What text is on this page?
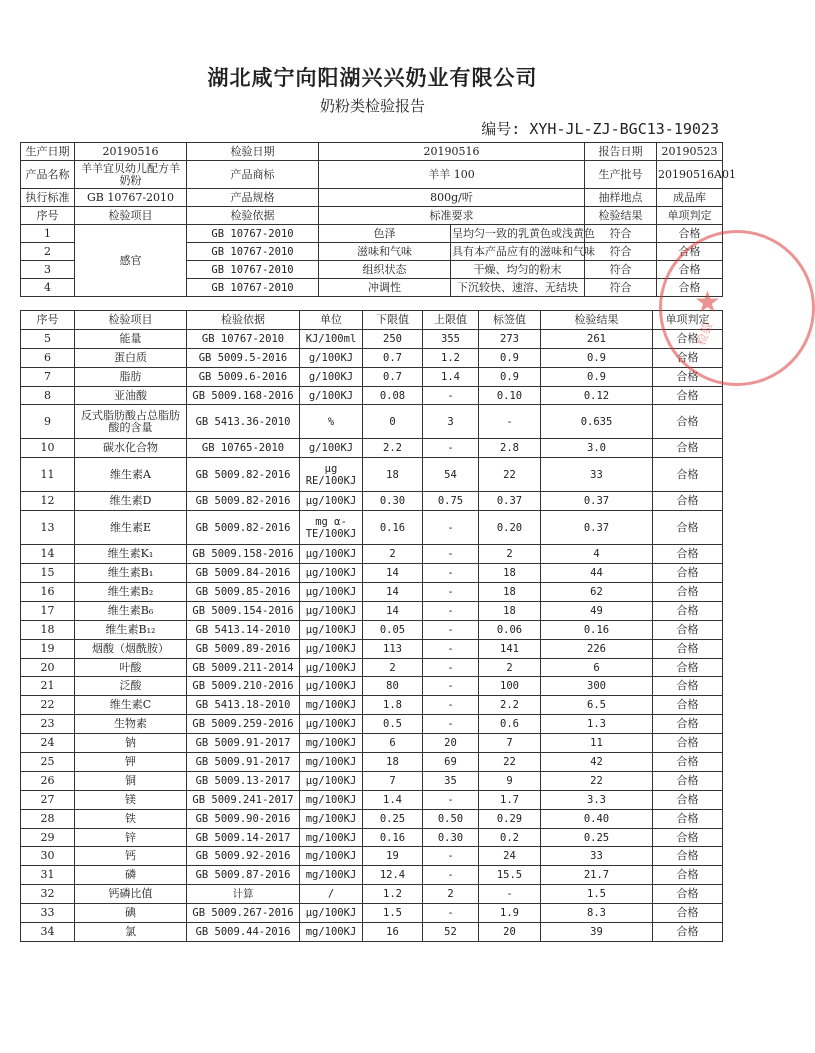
湖北咸宁向阳湖兴兴奶业有限公司
奶粉类检验报告
编号: XYH-JL-ZJ-BGC13-19023
生产日期	20190516	检验日期	20190516		报告日期	20190523
产品名称	羊羊宜贝幼儿配方羊奶粉	产品商标	羊羊 100		生产批号	20190516A01
执行标准	GB 10767-2010	产品规格	800g/听		抽样地点	成品库
序号	检验项目	检验依据	标准要求		检验结果	单项判定
1	感官	GB 10767-2010	色泽	呈均匀一致的乳黄色或浅黄色	符合	合格
2		GB 10767-2010	滋味和气味	具有本产品应有的滋味和气味	符合	合格
3		GB 10767-2010	组织状态	干燥、均匀的粉末	符合	合格
4		GB 10767-2010	冲调性	下沉较快、速溶、无结块	符合	合格
序号	检验项目	检验依据	单位	下限值	上限值	标签值	检验结果	单项判定
5	能量	GB 10767-2010	KJ/100ml	250	355	273	261	合格
6	蛋白质	GB 5009.5-2016	g/100KJ	0.7	1.2	0.9	0.9	合格
7	脂肪	GB 5009.6-2016	g/100KJ	0.7	1.4	0.9	0.9	合格
8	亚油酸	GB 5009.168-2016	g/100KJ	0.08	-	0.10	0.12	合格
9	反式脂肪酸占总脂肪酸的含量	GB 5413.36-2010	%	0	3	-	0.635	合格
10	碳水化合物	GB 10765-2010	g/100KJ	2.2	-	2.8	3.0	合格
11	维生素A	GB 5009.82-2016	μg RE/100KJ	18	54	22	33	合格
12	维生素D	GB 5009.82-2016	μg/100KJ	0.30	0.75	0.37	0.37	合格
13	维生素E	GB 5009.82-2016	mg α-TE/100KJ	0.16	-	0.20	0.37	合格
14	维生素K₁	GB 5009.158-2016	μg/100KJ	2	-	2	4	合格
15	维生素B₁	GB 5009.84-2016	μg/100KJ	14	-	18	44	合格
16	维生素B₂	GB 5009.85-2016	μg/100KJ	14	-	18	62	合格
17	维生素B₆	GB 5009.154-2016	μg/100KJ	14	-	18	49	合格
18	维生素B₁₂	GB 5413.14-2010	μg/100KJ	0.05	-	0.06	0.16	合格
19	烟酸（烟酰胺）	GB 5009.89-2016	μg/100KJ	113	-	141	226	合格
20	叶酸	GB 5009.211-2014	μg/100KJ	2	-	2	6	合格
21	泛酸	GB 5009.210-2016	μg/100KJ	80	-	100	300	合格
22	维生素C	GB 5413.18-2010	mg/100KJ	1.8	-	2.2	6.5	合格
23	生物素	GB 5009.259-2016	μg/100KJ	0.5	-	0.6	1.3	合格
24	钠	GB 5009.91-2017	mg/100KJ	6	20	7	11	合格
25	钾	GB 5009.91-2017	mg/100KJ	18	69	22	42	合格
26	铜	GB 5009.13-2017	μg/100KJ	7	35	9	22	合格
27	镁	GB 5009.241-2017	mg/100KJ	1.4	-	1.7	3.3	合格
28	铁	GB 5009.90-2016	mg/100KJ	0.25	0.50	0.29	0.40	合格
29	锌	GB 5009.14-2017	mg/100KJ	0.16	0.30	0.2	0.25	合格
30	钙	GB 5009.92-2016	mg/100KJ	19	-	24	33	合格
31	磷	GB 5009.87-2016	mg/100KJ	12.4	-	15.5	21.7	合格
32	钙磷比值	计算	/	1.2	2	-	1.5	合格
33	碘	GB 5009.267-2016	μg/100KJ	1.5	-	1.9	8.3	合格
34	氯	GB 5009.44-2016	mg/100KJ	16	52	20	39	合格
★
检验
